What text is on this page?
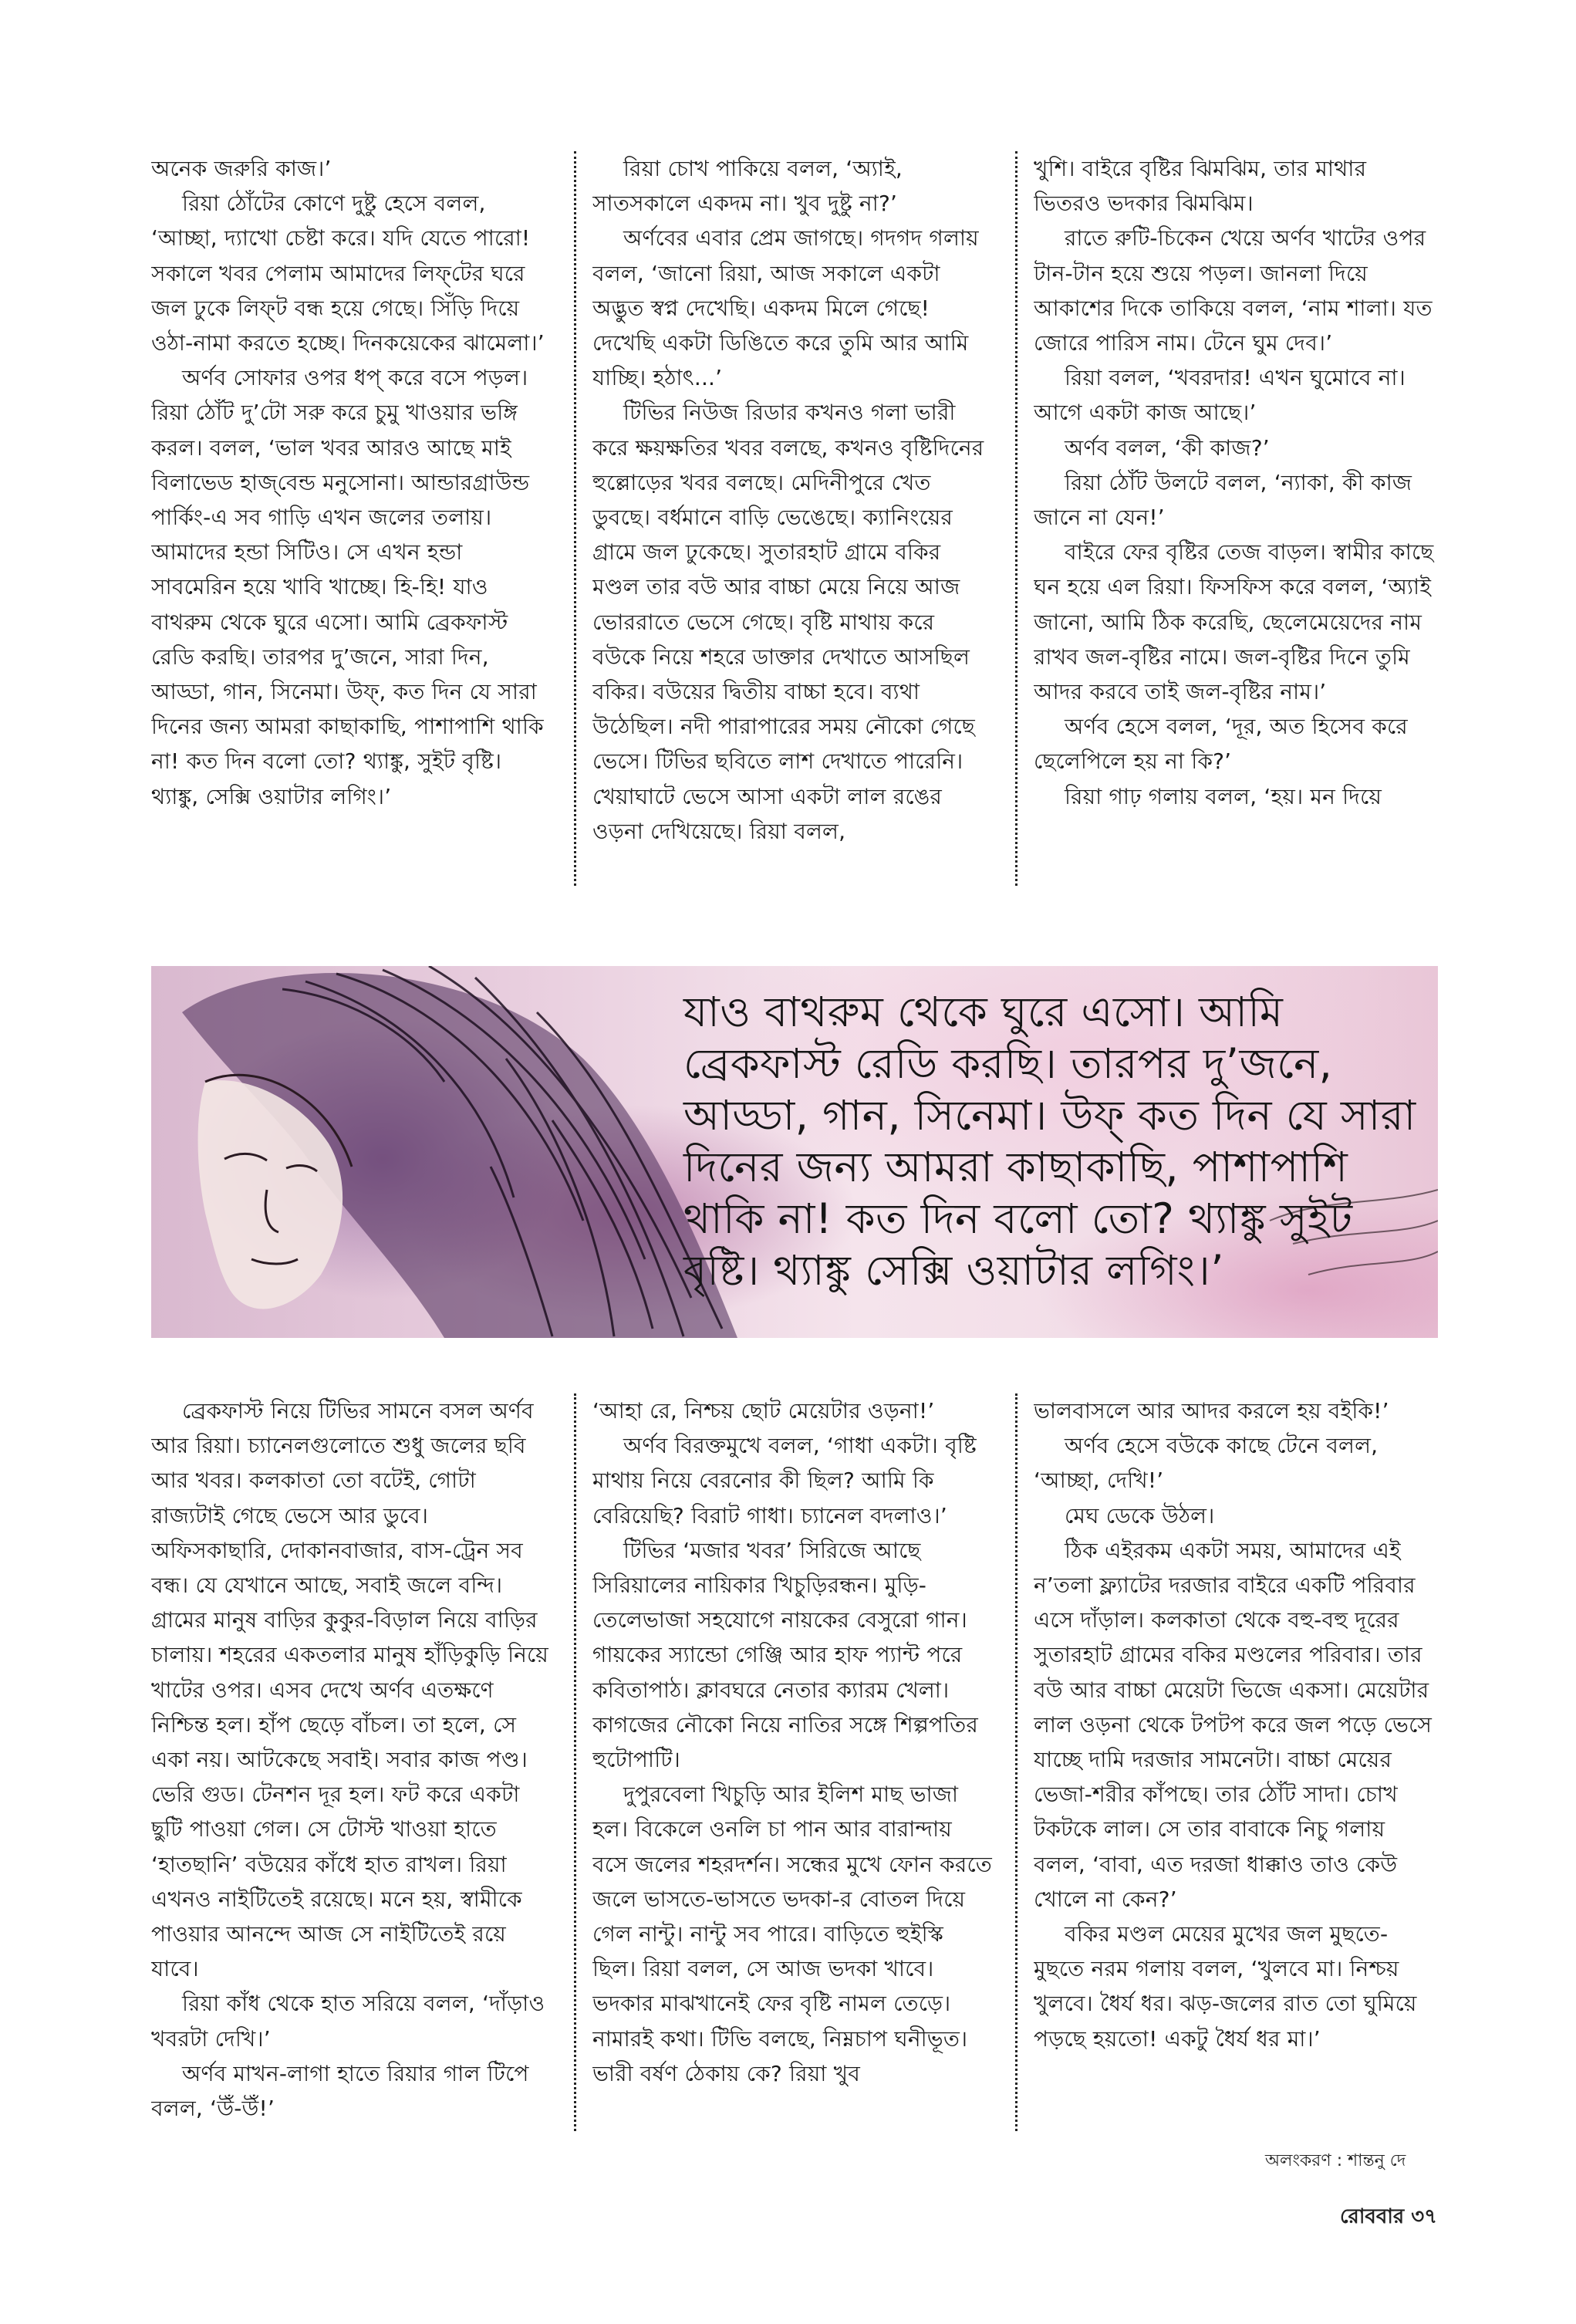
অনেক জরুরি কাজ।’

রিয়া ঠোঁটের কোণে দুষ্টু হেসে বলল, ‘আচ্ছা, দ্যাখো চেষ্টা করে। যদি যেতে পারো! সকালে খবর পেলাম আমাদের লিফ্‌টের ঘরে জল ঢুকে লিফ্‌ট বন্ধ হয়ে গেছে। সিঁড়ি দিয়ে ওঠা-নামা করতে হচ্ছে। দিনকয়েকের ঝামেলা।’

অর্ণব সোফার ওপর ধপ্‌ করে বসে পড়ল। রিয়া ঠোঁট দু’টো সরু করে চুমু খাওয়ার ভঙ্গি করল। বলল, ‘ভাল খবর আরও আছে মাই বিলাভেড হাজ্‌বেন্ড মনুসোনা। আন্ডারগ্রাউন্ড পার্কিং-এ সব গাড়ি এখন জলের তলায়। আমাদের হন্ডা সিটিও। সে এখন হন্ডা সাবমেরিন হয়ে খাবি খাচ্ছে। হি-হি! যাও বাথরুম থেকে ঘুরে এসো। আমি ব্রেকফাস্ট রেডি করছি। তারপর দু’জনে, সারা দিন, আড্ডা, গান, সিনেমা। উফ্‌, কত দিন যে সারা দিনের জন্য আমরা কাছাকাছি, পাশাপাশি থাকি না! কত দিন বলো তো? থ্যাঙ্কু, সুইট বৃষ্টি। থ্যাঙ্কু, সেক্সি ওয়াটার লগিং।’

রিয়া চোখ পাকিয়ে বলল, ‘অ্যাই, সাতসকালে একদম না। খুব দুষ্টু না?’

অর্ণবের এবার প্রেম জাগছে। গদগদ গলায় বলল, ‘জানো রিয়া, আজ সকালে একটা অদ্ভুত স্বপ্ন দেখেছি। একদম মিলে গেছে! দেখেছি একটা ডিঙিতে করে তুমি আর আমি যাচ্ছি। হঠাৎ...’

টিভির নিউজ রিডার কখনও গলা ভারী করে ক্ষয়ক্ষতির খবর বলছে, কখনও বৃষ্টিদিনের হুল্লোড়ের খবর বলছে। মেদিনীপুরে খেত ডুবছে। বর্ধমানে বাড়ি ভেঙেছে। ক্যানিংয়ের গ্রামে জল ঢুকেছে। সুতারহাট গ্রামে বকির মণ্ডল তার বউ আর বাচ্চা মেয়ে নিয়ে আজ ভোররাতে ভেসে গেছে। বৃষ্টি মাথায় করে বউকে নিয়ে শহরে ডাক্তার দেখাতে আসছিল বকির। বউয়ের দ্বিতীয় বাচ্চা হবে। ব্যথা উঠেছিল। নদী পারাপারের সময় নৌকো গেছে ভেসে। টিভির ছবিতে লাশ দেখাতে পারেনি। খেয়াঘাটে ভেসে আসা একটা লাল রঙের ওড়না দেখিয়েছে। রিয়া বলল,

খুশি। বাইরে বৃষ্টির ঝিমঝিম, তার মাথার ভিতরও ভদকার ঝিমঝিম।

রাতে রুটি-চিকেন খেয়ে অর্ণব খাটের ওপর টান-টান হয়ে শুয়ে পড়ল। জানলা দিয়ে আকাশের দিকে তাকিয়ে বলল, ‘নাম শালা। যত জোরে পারিস নাম। টেনে ঘুম দেব।’

রিয়া বলল, ‘খবরদার! এখন ঘুমোবে না। আগে একটা কাজ আছে।’

অর্ণব বলল, ‘কী কাজ?’

রিয়া ঠোঁট উলটে বলল, ‘ন্যাকা, কী কাজ জানে না যেন!’

বাইরে ফের বৃষ্টির তেজ বাড়ল। স্বামীর কাছে ঘন হয়ে এল রিয়া। ফিসফিস করে বলল, ‘অ্যাই জানো, আমি ঠিক করেছি, ছেলেমেয়েদের নাম রাখব জল-বৃষ্টির নামে। জল-বৃষ্টির দিনে তুমি আদর করবে তাই জল-বৃষ্টির নাম।’

অর্ণব হেসে বলল, ‘দূর, অত হিসেব করে ছেলেপিলে হয় না কি?’

রিয়া গাঢ় গলায় বলল, ‘হয়। মন দিয়ে

যাও বাথরুম থেকে ঘুরে এসো। আমি ব্রেকফাস্ট রেডি করছি। তারপর দু’জনে, আড্ডা, গান, সিনেমা। উফ্‌ কত দিন যে সারা দিনের জন্য আমরা কাছাকাছি, পাশাপাশি থাকি না! কত দিন বলো তো? থ্যাঙ্কু সুইট বৃষ্টি। থ্যাঙ্কু সেক্সি ওয়াটার লগিং।’

ব্রেকফাস্ট নিয়ে টিভির সামনে বসল অর্ণব আর রিয়া। চ্যানেলগুলোতে শুধু জলের ছবি আর খবর। কলকাতা তো বটেই, গোটা রাজ্যটাই গেছে ভেসে আর ডুবে। অফিসকাছারি, দোকানবাজার, বাস-ট্রেন সব বন্ধ। যে যেখানে আছে, সবাই জলে বন্দি। গ্রামের মানুষ বাড়ির কুকুর-বিড়াল নিয়ে বাড়ির চালায়। শহরের একতলার মানুষ হাঁড়িকুড়ি নিয়ে খাটের ওপর। এসব দেখে অর্ণব এতক্ষণে নিশ্চিন্ত হল। হাঁপ ছেড়ে বাঁচল। তা হলে, সে একা নয়। আটকেছে সবাই। সবার কাজ পণ্ড। ভেরি গুড। টেনশন দূর হল। ফট করে একটা ছুটি পাওয়া গেল। সে টোস্ট খাওয়া হাতে ‘হাতছানি’ বউয়ের কাঁধে হাত রাখল। রিয়া এখনও নাইটিতেই রয়েছে। মনে হয়, স্বামীকে পাওয়ার আনন্দে আজ সে নাইটিতেই রয়ে যাবে।

রিয়া কাঁধ থেকে হাত সরিয়ে বলল, ‘দাঁড়াও খবরটা দেখি।’

অর্ণব মাখন-লাগা হাতে রিয়ার গাল টিপে বলল, ‘উঁ-উঁ!’

‘আহা রে, নিশ্চয় ছোট মেয়েটার ওড়না!’

অর্ণব বিরক্তমুখে বলল, ‘গাধা একটা। বৃষ্টি মাথায় নিয়ে বেরনোর কী ছিল? আমি কি বেরিয়েছি? বিরাট গাধা। চ্যানেল বদলাও।’

টিভির ‘মজার খবর’ সিরিজে আছে সিরিয়ালের নায়িকার খিচুড়িরন্ধন। মুড়ি-তেলেভাজা সহযোগে নায়কের বেসুরো গান। গায়কের স্যান্ডো গেঞ্জি আর হাফ প্যান্ট পরে কবিতাপাঠ। ক্লাবঘরে নেতার ক্যারম খেলা। কাগজের নৌকো নিয়ে নাতির সঙ্গে শিল্পপতির হুটোপাটি।

দুপুরবেলা খিচুড়ি আর ইলিশ মাছ ভাজা হল। বিকেলে ওনলি চা পান আর বারান্দায় বসে জলের শহরদর্শন। সন্ধের মুখে ফোন করতে জলে ভাসতে-ভাসতে ভদকা-র বোতল দিয়ে গেল নান্টু। নান্টু সব পারে। বাড়িতে হুইস্কি ছিল। রিয়া বলল, সে আজ ভদকা খাবে। ভদকার মাঝখানেই ফের বৃষ্টি নামল তেড়ে। নামারই কথা। টিভি বলছে, নিম্নচাপ ঘনীভূত। ভারী বর্ষণ ঠেকায় কে? রিয়া খুব

ভালবাসলে আর আদর করলে হয় বইকি!’

অর্ণব হেসে বউকে কাছে টেনে বলল, ‘আচ্ছা, দেখি!’

মেঘ ডেকে উঠল।

ঠিক এইরকম একটা সময়, আমাদের এই ন’তলা ফ্ল্যাটের দরজার বাইরে একটি পরিবার এসে দাঁড়াল। কলকাতা থেকে বহু-বহু দূরের সুতারহাট গ্রামের বকির মণ্ডলের পরিবার। তার বউ আর বাচ্চা মেয়েটা ভিজে একসা। মেয়েটার লাল ওড়না থেকে টপটপ করে জল পড়ে ভেসে যাচ্ছে দামি দরজার সামনেটা। বাচ্চা মেয়ের ভেজা-শরীর কাঁপছে। তার ঠোঁট সাদা। চোখ টকটকে লাল। সে তার বাবাকে নিচু গলায় বলল, ‘বাবা, এত দরজা ধাক্কাও তাও কেউ খোলে না কেন?’

বকির মণ্ডল মেয়ের মুখের জল মুছতে-মুছতে নরম গলায় বলল, ‘খুলবে মা। নিশ্চয় খুলবে। ধৈর্য ধর। ঝড়-জলের রাত তো ঘুমিয়ে পড়ছে হয়তো! একটু ধৈর্য ধর মা।’

অলংকরণ : শান্তনু দে
রোববার ৩৭
